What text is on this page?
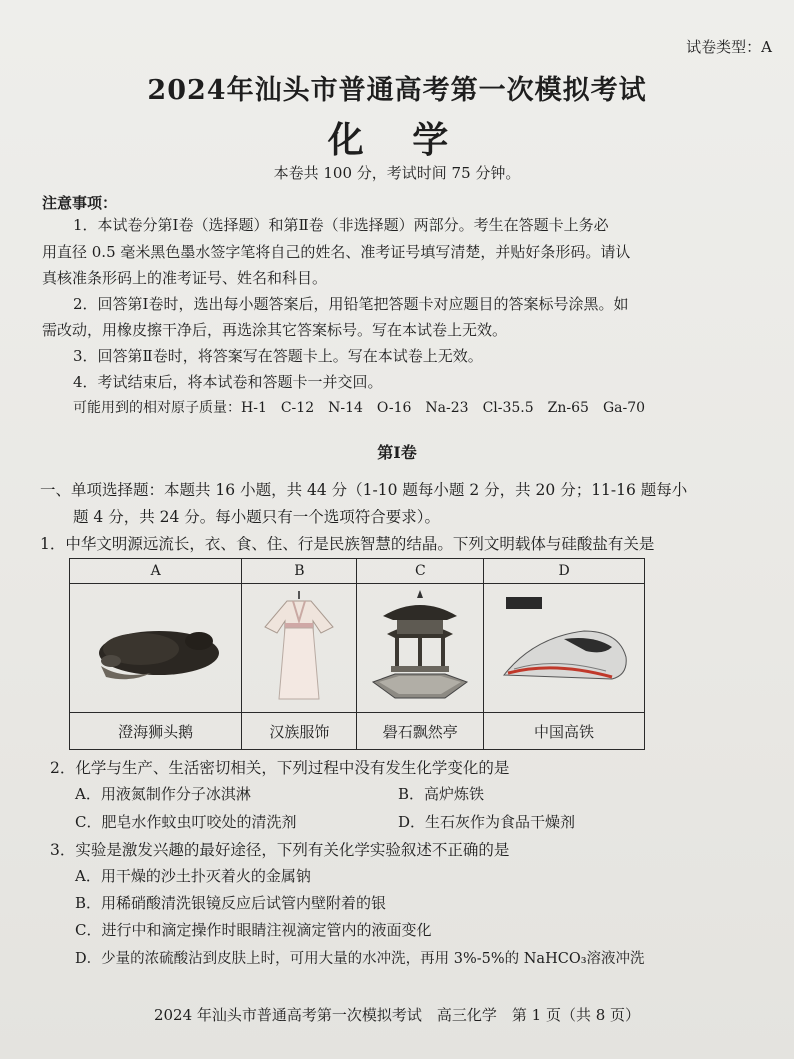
试卷类型：A
2024年汕头市普通高考第一次模拟考试
化 学
本卷共 100 分，考试时间 75 分钟。
注意事项：
1．本试卷分第Ⅰ卷（选择题）和第Ⅱ卷（非选择题）两部分。考生在答题卡上务必
用直径 0.5 毫米黑色墨水签字笔将自己的姓名、准考证号填写清楚，并贴好条形码。请认
真核准条形码上的准考证号、姓名和科目。
2．回答第Ⅰ卷时，选出每小题答案后，用铅笔把答题卡对应题目的答案标号涂黑。如
需改动，用橡皮擦干净后，再选涂其它答案标号。写在本试卷上无效。
3．回答第Ⅱ卷时，将答案写在答题卡上。写在本试卷上无效。
4．考试结束后，将本试卷和答题卡一并交回。
可能用到的相对原子质量：H-1　C-12　N-14　O-16　Na-23　Cl-35.5　Zn-65　Ga-70
第Ⅰ卷
一、单项选择题：本题共 16 小题，共 44 分（1-10 题每小题 2 分，共 20 分；11-16 题每小
题 4 分，共 24 分。每小题只有一个选项符合要求）。
1．中华文明源远流长，衣、食、住、行是民族智慧的结晶。下列文明载体与硅酸盐有关是
A	B	C	D

澄海狮头鹅	汉族服饰	礐石飘然亭	中国高铁
2．化学与生产、生活密切相关，下列过程中没有发生化学变化的是
A．用液氮制作分子冰淇淋	B．高炉炼铁
C．肥皂水作蚊虫叮咬处的清洗剂	D．生石灰作为食品干燥剂
3．实验是激发兴趣的最好途径，下列有关化学实验叙述不正确的是
A．用干燥的沙土扑灭着火的金属钠
B．用稀硝酸清洗银镜反应后试管内壁附着的银
C．进行中和滴定操作时眼睛注视滴定管内的液面变化
D．少量的浓硫酸沾到皮肤上时，可用大量的水冲洗，再用 3%-5%的 NaHCO₃溶液冲洗
2024 年汕头市普通高考第一次模拟考试　高三化学　第 1 页（共 8 页）
